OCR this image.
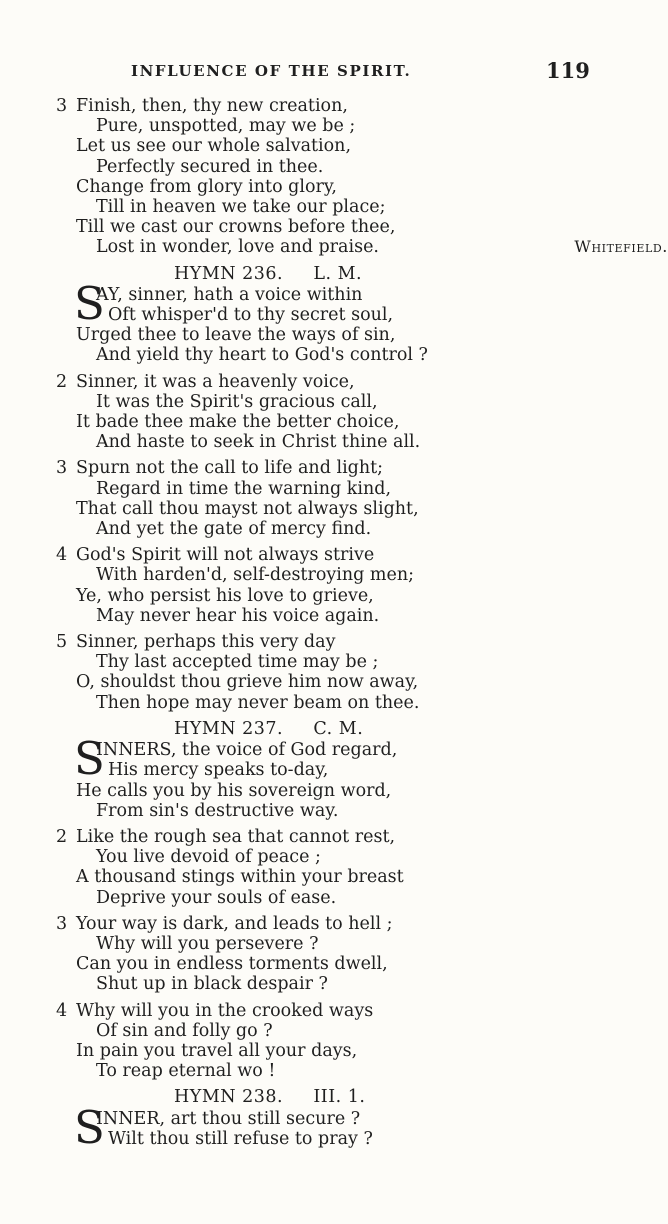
INFLUENCE OF THE SPIRIT.	119
3 Finish, then, thy new creation,
Pure, unspotted, may we be ;
Let us see our whole salvation,
Perfectly secured in thee.
Change from glory into glory,
Till in heaven we take our place;
Till we cast our crowns before thee,
Lost in wonder, love and praise.	Whitefield.
HYMN 236.     L. M.
S
AY, sinner, hath a voice within
Oft whisper'd to thy secret soul,
Urged thee to leave the ways of sin,
And yield thy heart to God's control ?
2 Sinner, it was a heavenly voice,
It was the Spirit's gracious call,
It bade thee make the better choice,
And haste to seek in Christ thine all.
3 Spurn not the call to life and light;
Regard in time the warning kind,
That call thou mayst not always slight,
And yet the gate of mercy find.
4 God's Spirit will not always strive
With harden'd, self-destroying men;
Ye, who persist his love to grieve,
May never hear his voice again.
5 Sinner, perhaps this very day
Thy last accepted time may be ;
O, shouldst thou grieve him now away,
Then hope may never beam on thee.
HYMN 237.     C. M.
S
INNERS, the voice of God regard,
His mercy speaks to-day,
He calls you by his sovereign word,
From sin's destructive way.
2 Like the rough sea that cannot rest,
You live devoid of peace ;
A thousand stings within your breast
Deprive your souls of ease.
3 Your way is dark, and leads to hell ;
Why will you persevere ?
Can you in endless torments dwell,
Shut up in black despair ?
4 Why will you in the crooked ways
Of sin and folly go ?
In pain you travel all your days,
To reap eternal wo !
HYMN 238.     III. 1.
S
INNER, art thou still secure ?
Wilt thou still refuse to pray ?
